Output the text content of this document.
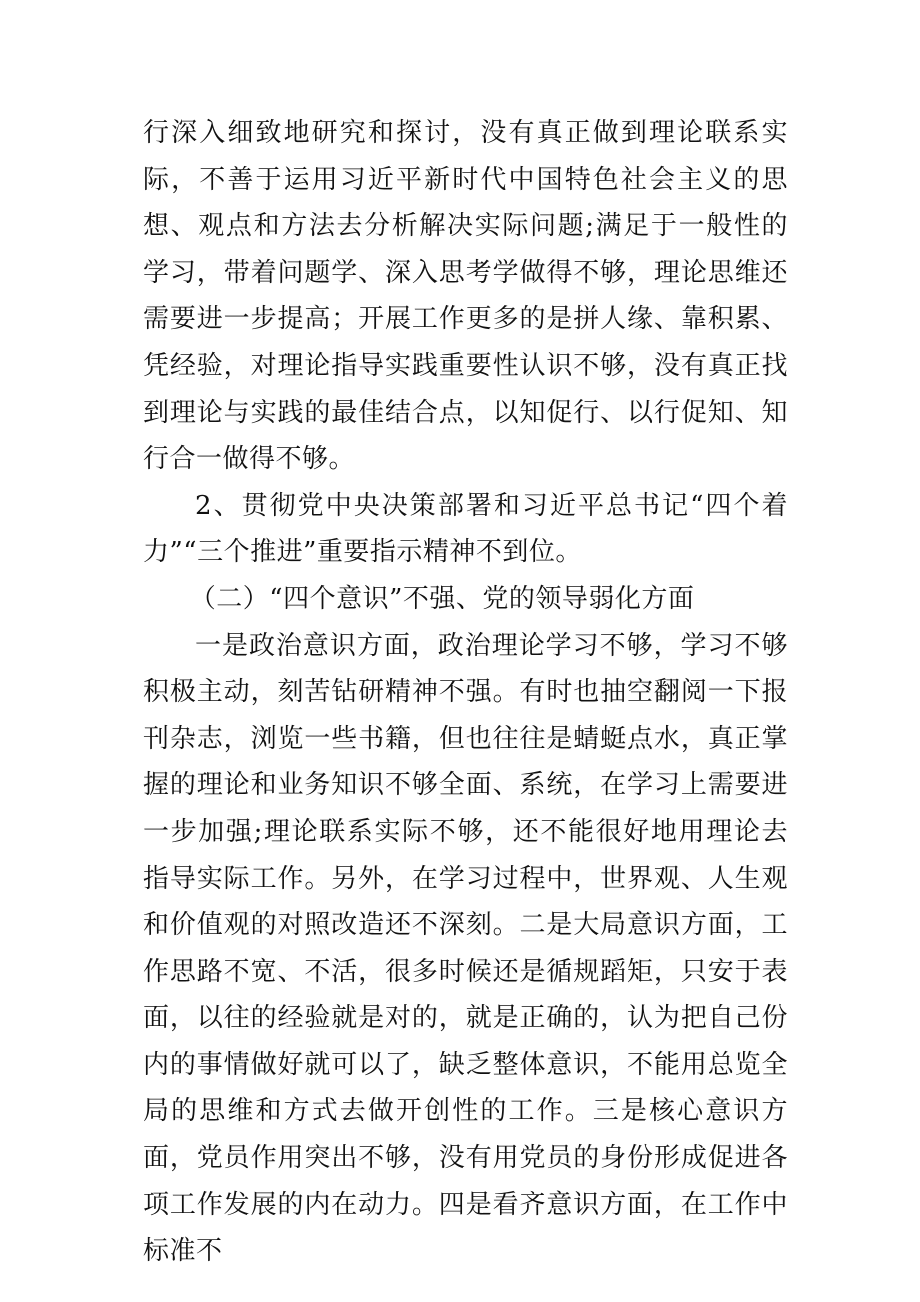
行深入细致地研究和探讨，没有真正做到理论联系实际，不善于运用习近平新时代中国特色社会主义的思想、观点和方法去分析解决实际问题;满足于一般性的学习，带着问题学、深入思考学做得不够，理论思维还需要进一步提高；开展工作更多的是拼人缘、靠积累、凭经验，对理论指导实践重要性认识不够，没有真正找到理论与实践的最佳结合点，以知促行、以行促知、知行合一做得不够。

2、贯彻党中央决策部署和习近平总书记“四个着力”“三个推进”重要指示精神不到位。

（二）“四个意识”不强、党的领导弱化方面

一是政治意识方面，政治理论学习不够，学习不够积极主动，刻苦钻研精神不强。有时也抽空翻阅一下报刊杂志，浏览一些书籍，但也往往是蜻蜓点水，真正掌握的理论和业务知识不够全面、系统，在学习上需要进一步加强;理论联系实际不够，还不能很好地用理论去指导实际工作。另外，在学习过程中，世界观、人生观和价值观的对照改造还不深刻。二是大局意识方面，工作思路不宽、不活，很多时候还是循规蹈矩，只安于表面，以往的经验就是对的，就是正确的，认为把自己份内的事情做好就可以了，缺乏整体意识，不能用总览全局的思维和方式去做开创性的工作。三是核心意识方面，党员作用突出不够，没有用党员的身份形成促进各项工作发展的内在动力。四是看齐意识方面，在工作中标准不
